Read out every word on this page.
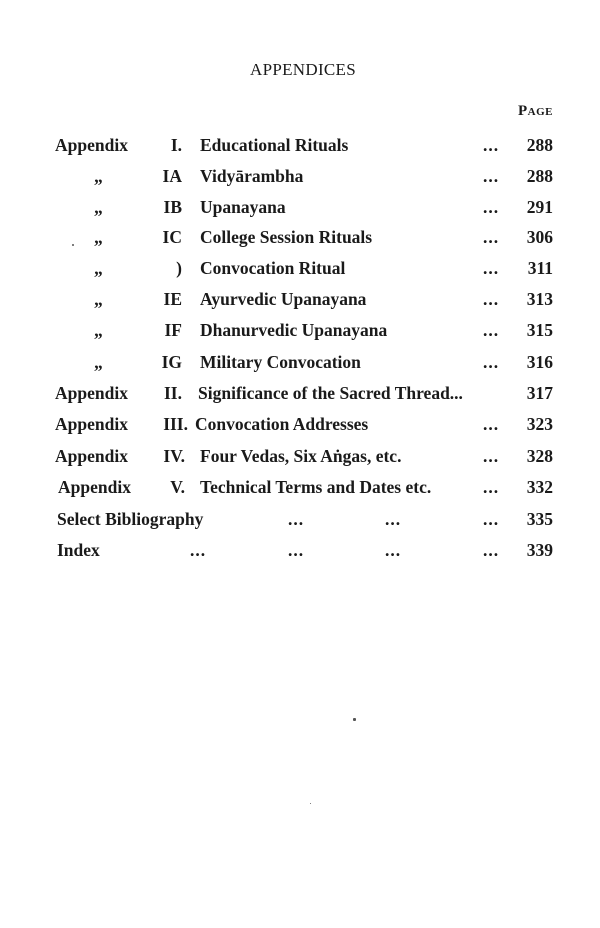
APPENDICES
Page
Appendix I. Educational Rituals	... 288
„	IA Vidyārambha	... 288
„	IB Upanayana	... 291
„	IC College Session Rituals	... 306
„	) Convocation Ritual	... 311
„	IE Ayurvedic Upanayana	... 313
„	IF Dhanurvedic Upanayana	... 315
„	IG Military Convocation	... 316
Appendix II. Significance of the Sacred Thread...	317
Appendix III. Convocation Addresses	... 323
Appendix IV. Four Vedas, Six Aṅgas, etc.	... 328
Appendix V. Technical Terms and Dates etc.	... 332
Select Bibliography	...	...	... 335
Index	...	...	...	... 339
